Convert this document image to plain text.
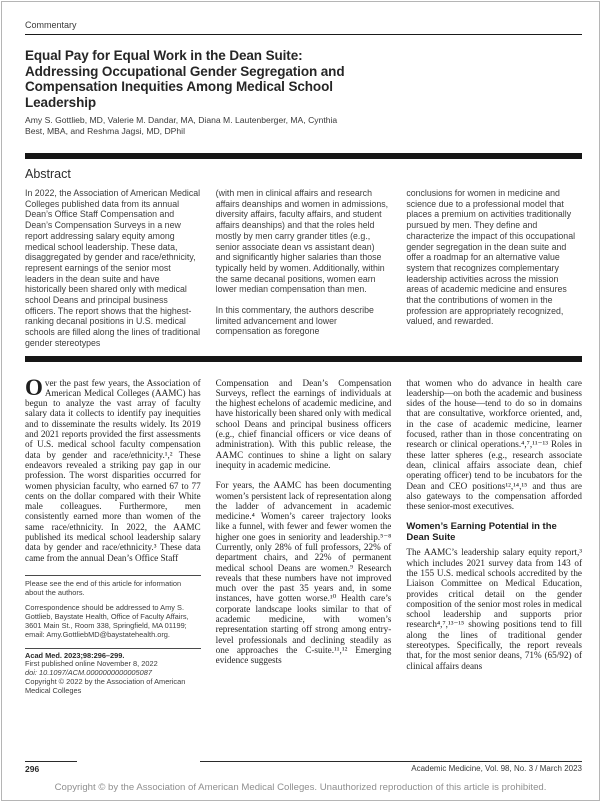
Commentary
Equal Pay for Equal Work in the Dean Suite: Addressing Occupational Gender Segregation and Compensation Inequities Among Medical School Leadership
Amy S. Gottlieb, MD, Valerie M. Dandar, MA, Diana M. Lautenberger, MA, Cynthia Best, MBA, and Reshma Jagsi, MD, DPhil
Abstract

In 2022, the Association of American Medical Colleges published data from its annual Dean’s Office Staff Compensation and Dean’s Compensation Surveys in a new report addressing salary equity among medical school leadership. These data, disaggregated by gender and race/ethnicity, represent earnings of the senior most leaders in the dean suite and have historically been shared only with medical school Deans and principal business officers. The report shows that the highest-ranking decanal positions in U.S. medical schools are filled along the lines of traditional gender stereotypes

(with men in clinical affairs and research affairs deanships and women in admissions, diversity affairs, faculty affairs, and student affairs deanships) and that the roles held mostly by men carry grander titles (e.g., senior associate dean vs assistant dean) and significantly higher salaries than those typically held by women. Additionally, within the same decanal positions, women earn lower median compensation than men.

In this commentary, the authors describe limited advancement and lower compensation as foregone

conclusions for women in medicine and science due to a professional model that places a premium on activities traditionally pursued by men. They define and characterize the impact of this occupational gender segregation in the dean suite and offer a roadmap for an alternative value system that recognizes complementary leadership activities across the mission areas of academic medicine and ensures that the contributions of women in the profession are appropriately recognized, valued, and rewarded.

Over the past few years, the Association of American Medical Colleges (AAMC) has begun to analyze the vast array of faculty salary data it collects to identify pay inequities and to disseminate the results widely. Its 2019 and 2021 reports provided the first assessments of U.S. medical school faculty compensation data by gender and race/ethnicity.¹,² These endeavors revealed a striking pay gap in our profession. The worst disparities occurred for women physician faculty, who earned 67 to 77 cents on the dollar compared with their White male colleagues. Furthermore, men consistently earned more than women of the same race/ethnicity. In 2022, the AAMC published its medical school leadership salary data by gender and race/ethnicity.³ These data came from the annual Dean’s Office Staff

Please see the end of this article for information about the authors.
Correspondence should be addressed to Amy S. Gottlieb, Baystate Health, Office of Faculty Affairs, 3601 Main St., Room 338, Springfield, MA 01199; email: Amy.GottliebMD@baystatehealth.org.
Acad Med. 2023;98:296–299.
First published online November 8, 2022
doi: 10.1097/ACM.0000000000005087
Copyright © 2022 by the Association of American Medical Colleges

Compensation and Dean’s Compensation Surveys, reflect the earnings of individuals at the highest echelons of academic medicine, and have historically been shared only with medical school Deans and principal business officers (e.g., chief financial officers or vice deans of administration). With this public release, the AAMC continues to shine a light on salary inequity in academic medicine.

For years, the AAMC has been documenting women’s persistent lack of representation along the ladder of advancement in academic medicine.⁴ Women’s career trajectory looks like a funnel, with fewer and fewer women the higher one goes in seniority and leadership.⁵⁻⁸ Currently, only 28% of full professors, 22% of department chairs, and 22% of permanent medical school Deans are women.⁹ Research reveals that these numbers have not improved much over the past 35 years and, in some instances, have gotten worse.¹⁰ Health care’s corporate landscape looks similar to that of academic medicine, with women’s representation starting off strong among entry-level professionals and declining steadily as one approaches the C-suite.¹¹,¹² Emerging evidence suggests

that women who do advance in health care leadership—on both the academic and business sides of the house—tend to do so in domains that are consultative, workforce oriented, and, in the case of academic medicine, learner focused, rather than in those concentrating on research or clinical operations.⁴,⁷,¹¹⁻¹³ Roles in these latter spheres (e.g., research associate dean, clinical affairs associate dean, chief operating officer) tend to be incubators for the Dean and CEO positions¹²,¹⁴,¹⁵ and thus are also gateways to the compensation afforded these senior-most executives.

Women’s Earning Potential in the Dean Suite

The AAMC’s leadership salary equity report,³ which includes 2021 survey data from 143 of the 155 U.S. medical schools accredited by the Liaison Committee on Medical Education, provides critical detail on the gender composition of the senior most roles in medical school leadership and supports prior research⁴,⁷,¹³⁻¹⁵ showing positions tend to fill along the lines of traditional gender stereotypes. Specifically, the report reveals that, for the most senior deans, 71% (65/92) of clinical affairs deans

296	Academic Medicine, Vol. 98, No. 3 / March 2023
Copyright © by the Association of American Medical Colleges. Unauthorized reproduction of this article is prohibited.
